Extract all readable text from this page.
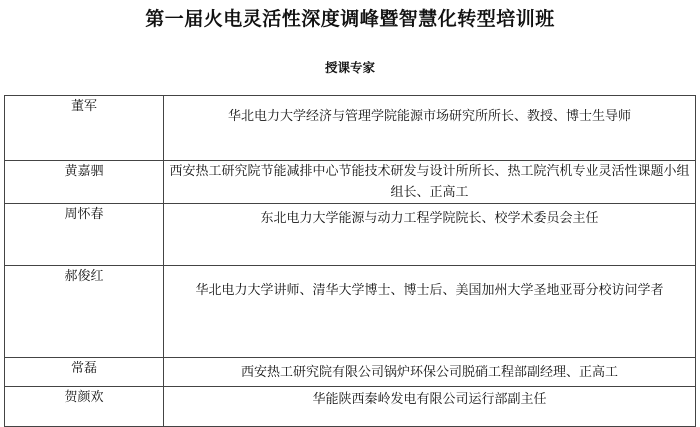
第一届火电灵活性深度调峰暨智慧化转型培训班
授课专家
董军	华北电力大学经济与管理学院能源市场研究所所长、教授、博士生导师
黄嘉驷	西安热工研究院节能减排中心节能技术研发与设计所所长、热工院汽机专业灵活性课题小组组长、正高工
周怀春	东北电力大学能源与动力工程学院院长、校学术委员会主任
郝俊红	华北电力大学讲师、清华大学博士、博士后、美国加州大学圣地亚哥分校访问学者
常磊	西安热工研究院有限公司锅炉环保公司脱硝工程部副经理、正高工
贺颜欢	华能陕西秦岭发电有限公司运行部副主任
